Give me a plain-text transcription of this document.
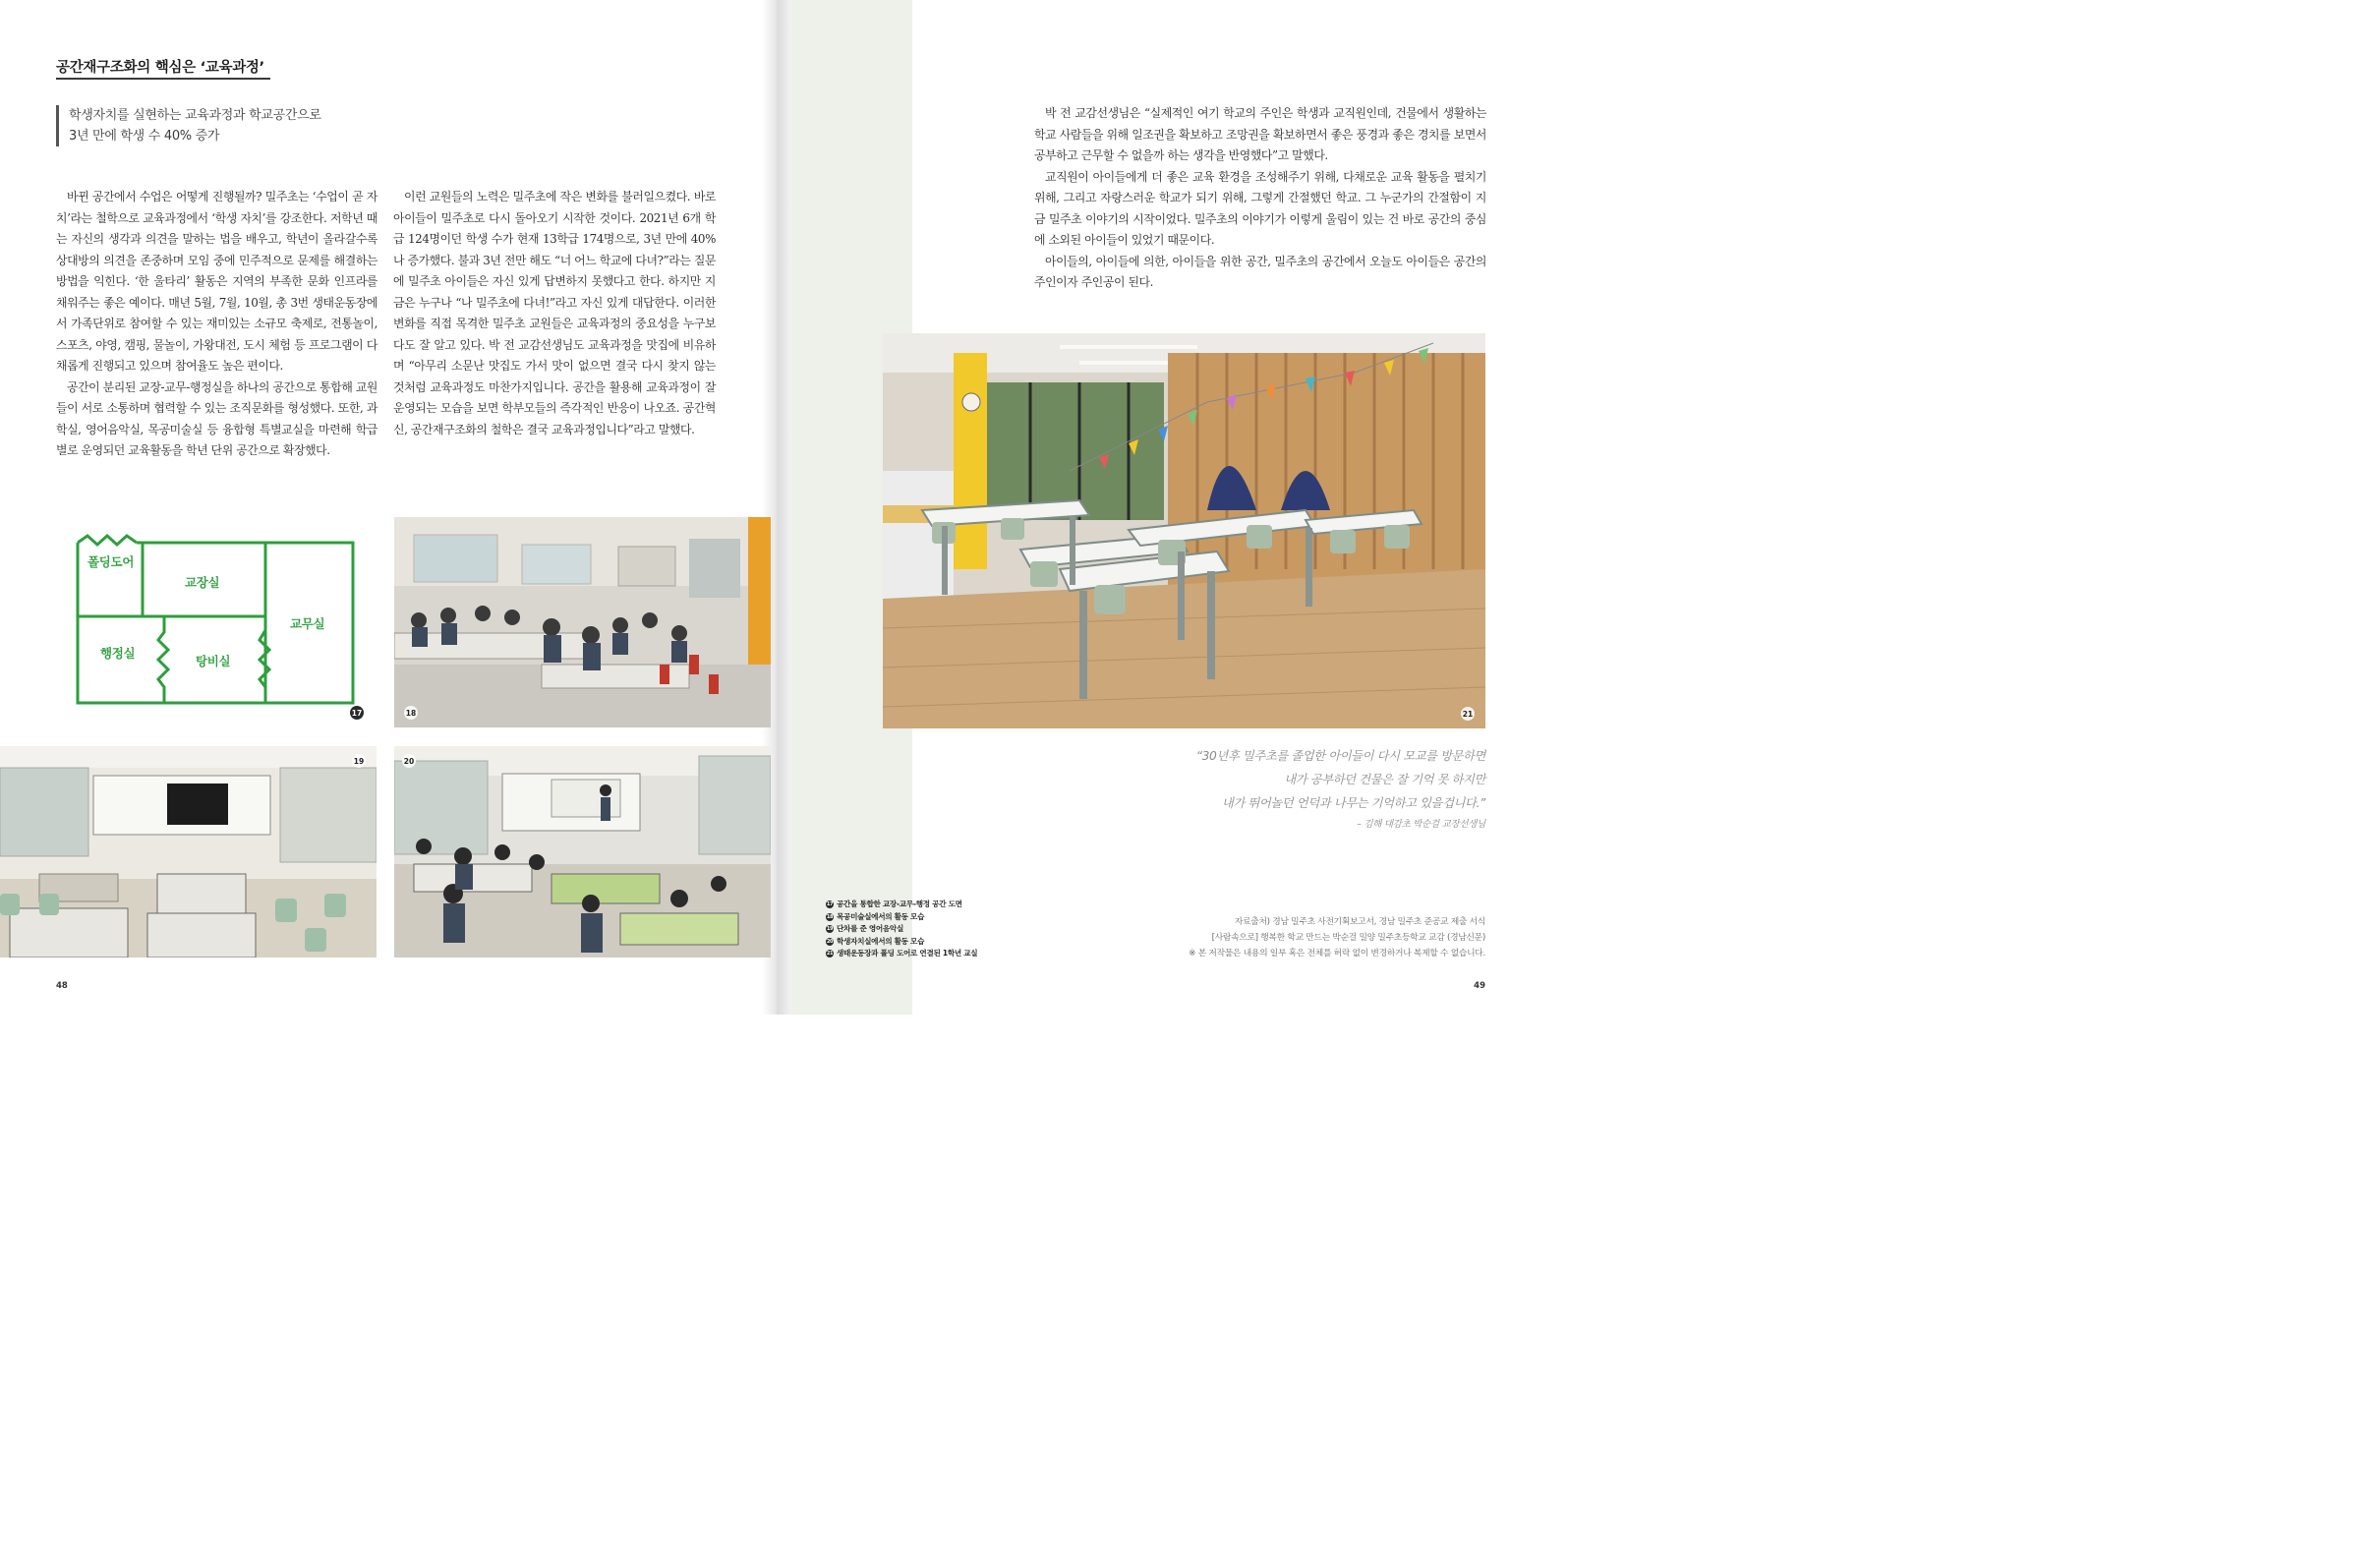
공간재구조화의 핵심은 ‘교육과정’
학생자치를 실현하는 교육과정과 학교공간으로
3년 만에 학생 수 40% 증가

바뀐 공간에서 수업은 어떻게 진행될까? 밀주초는 ‘수업이 곧 자치’라는 철학으로 교육과정에서 ‘학생 자치’를 강조한다. 저학년 때는 자신의 생각과 의견을 말하는 법을 배우고, 학년이 올라갈수록 상대방의 의견을 존중하며 모임 중에 민주적으로 문제를 해결하는 방법을 익힌다. ‘한 울타리’ 활동은 지역의 부족한 문화 인프라를 채워주는 좋은 예이다. 매년 5월, 7월, 10월, 총 3번 생태운동장에서 가족단위로 참여할 수 있는 재미있는 소규모 축제로, 전통놀이, 스포츠, 야영, 캠핑, 물놀이, 가왕대전, 도시 체험 등 프로그램이 다채롭게 진행되고 있으며 참여율도 높은 편이다.

공간이 분리된 교장-교무-행정실을 하나의 공간으로 통합해 교원들이 서로 소통하며 협력할 수 있는 조직문화를 형성했다. 또한, 과학실, 영어음악실, 목공미술실 등 융합형 특별교실을 마련해 학급별로 운영되던 교육활동을 학년 단위 공간으로 확장했다.

이런 교원들의 노력은 밀주초에 작은 변화를 불러일으켰다. 바로 아이들이 밀주초로 다시 돌아오기 시작한 것이다. 2021년 6개 학급 124명이던 학생 수가 현재 13학급 174명으로, 3년 만에 40%나 증가했다. 불과 3년 전만 해도 “너 어느 학교에 다녀?”라는 질문에 밀주초 아이들은 자신 있게 답변하지 못했다고 한다. 하지만 지금은 누구나 “나 밀주초에 다녀!”라고 자신 있게 대답한다. 이러한 변화를 직접 목격한 밀주초 교원들은 교육과정의 중요성을 누구보다도 잘 알고 있다. 박 전 교감선생님도 교육과정을 맛집에 비유하며 “아무리 소문난 맛집도 가서 맛이 없으면 결국 다시 찾지 않는 것처럼 교육과정도 마찬가지입니다. 공간을 활용해 교육과정이 잘 운영되는 모습을 보면 학부모들의 즉각적인 반응이 나오죠. 공간혁신, 공간재구조화의 철학은 결국 교육과정입니다”라고 말했다.

박 전 교감선생님은 “실제적인 여기 학교의 주인은 학생과 교직원인데, 건물에서 생활하는 학교 사람들을 위해 일조권을 확보하고 조망권을 확보하면서 좋은 풍경과 좋은 경치를 보면서 공부하고 근무할 수 없을까 하는 생각을 반영했다”고 말했다.

교직원이 아이들에게 더 좋은 교육 환경을 조성해주기 위해, 다채로운 교육 활동을 펼치기 위해, 그리고 자랑스러운 학교가 되기 위해, 그렇게 간절했던 학교. 그 누군가의 간절함이 지금 밀주초 이야기의 시작이었다. 밀주초의 이야기가 이렇게 울림이 있는 건 바로 공간의 중심에 소외된 아이들이 있었기 때문이다.

아이들의, 아이들에 의한, 아이들을 위한 공간, 밀주초의 공간에서 오늘도 아이들은 공간의 주인이자 주인공이 된다.

폴딩도어
교장실
교무실
행정실
탕비실
17	18
19	20
21
“30년후 밀주초를 졸업한 아이들이 다시 모교를 방문하면
내가 공부하던 건물은 잘 기억 못 하지만
내가 뛰어놀던 언덕과 나무는 기억하고 있을겁니다.”
– 김해 대감초 박순걸 교장선생님
17 공간을 통합한 교장-교무-행정 공간 도면
18 목공미술실에서의 활동 모습
19 단차를 준 영어음악실
20 학생자치실에서의 활동 모습
21 생태운동장과 폴딩 도어로 연결된 1학년 교실
자료출처) 경남 밀주초 사전기획보고서, 경남 밀주초 준공교 제출 서식
[사람속으로] 행복한 학교 만드는 박순걸 밀양 밀주초등학교 교감 (경남신문)
※ 본 저작물은 내용의 일부 혹은 전체를 허락 없이 변경하거나 복제할 수 없습니다.
48	49
